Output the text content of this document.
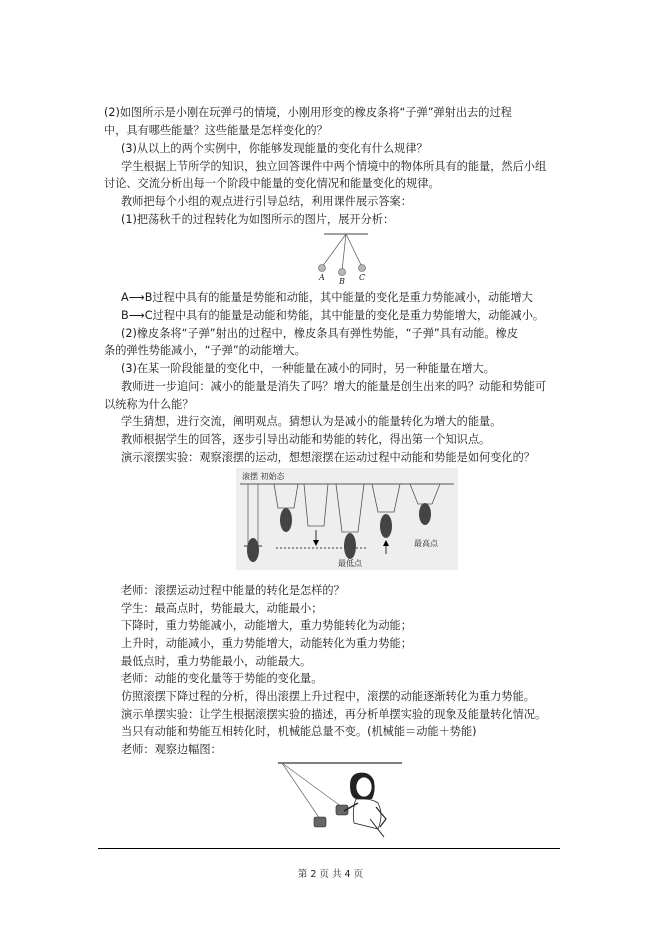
(2)如图所示是小刚在玩弹弓的情境，小刚用形变的橡皮条将“子弹”弹射出去的过程
中，具有哪些能量？这些能量是怎样变化的？
(3)从以上的两个实例中，你能够发现能量的变化有什么规律？
学生根据上节所学的知识，独立回答课件中两个情境中的物体所具有的能量，然后小组
讨论、交流分析出每一个阶段中能量的变化情况和能量变化的规律。
教师把每个小组的观点进行引导总结，利用课件展示答案：
(1)把荡秋千的过程转化为如图所示的图片，展开分析：
A B C
A⟶B过程中具有的能量是势能和动能，其中能量的变化是重力势能减小，动能增大
B⟶C过程中具有的能量是动能和势能，其中能量的变化是重力势能增大，动能减小。
(2)橡皮条将“子弹”射出的过程中，橡皮条具有弹性势能，“子弹”具有动能。橡皮
条的弹性势能减小，“子弹”的动能增大。
(3)在某一阶段能量的变化中，一种能量在减小的同时，另一种能量在增大。
教师进一步追问：减小的能量是消失了吗？增大的能量是创生出来的吗？动能和势能可
以统称为什么能？
学生猜想，进行交流，阐明观点。猜想认为是减小的能量转化为增大的能量。
教师根据学生的回答，逐步引导出动能和势能的转化，得出第一个知识点。
演示滚摆实验：观察滚摆的运动，想想滚摆在运动过程中动能和势能是如何变化的？
滚摆 初始态
最低点
最高点
老师：滚摆运动过程中能量的转化是怎样的？
学生：最高点时，势能最大，动能最小；
下降时，重力势能减小，动能增大，重力势能转化为动能；
上升时，动能减小，重力势能增大，动能转化为重力势能；
最低点时，重力势能最小，动能最大。
老师：动能的变化量等于势能的变化量。
仿照滚摆下降过程的分析，得出滚摆上升过程中，滚摆的动能逐渐转化为重力势能。
演示单摆实验：让学生根据滚摆实验的描述，再分析单摆实验的现象及能量转化情况。
当只有动能和势能互相转化时，机械能总量不变。(机械能＝动能＋势能)
老师：观察边幅图：
第 2 页 共 4 页
